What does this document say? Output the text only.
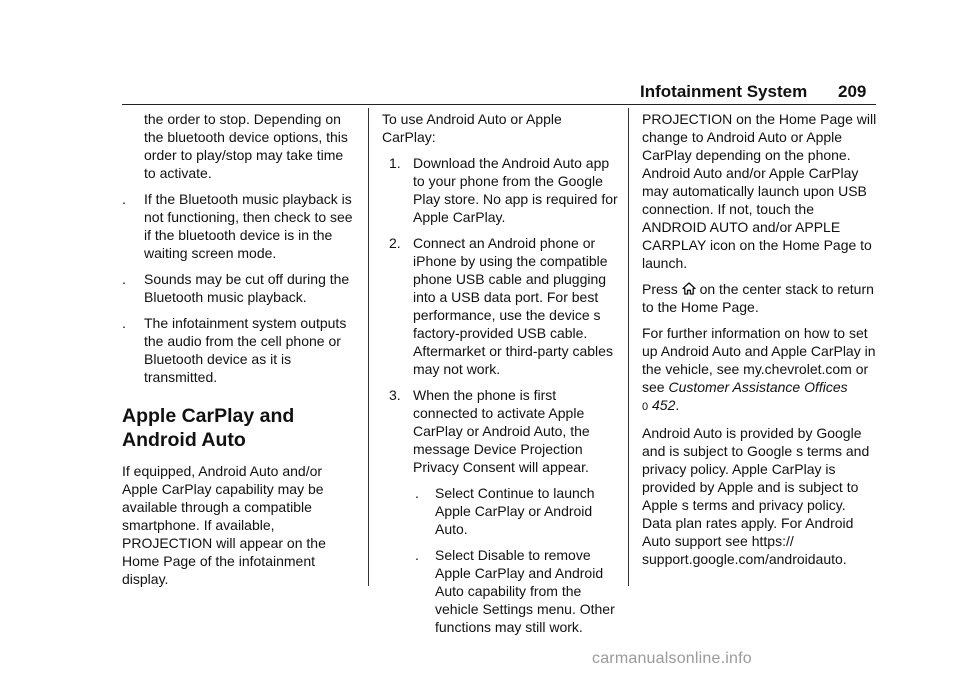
Infotainment System 209

the order to stop. Depending on the bluetooth device options, this order to play/stop may take time to activate.

. If the Bluetooth music playback is not functioning, then check to see if the bluetooth device is in the waiting screen mode.
. Sounds may be cut off during the Bluetooth music playback.
. The infotainment system outputs the audio from the cell phone or Bluetooth device as it is transmitted.
Apple CarPlay and
Android Auto

If equipped, Android Auto and/or Apple CarPlay capability may be available through a compatible smartphone. If available, PROJECTION will appear on the Home Page of the infotainment display.

To use Android Auto or Apple CarPlay:

1. Download the Android Auto app to your phone from the Google Play store. No app is required for Apple CarPlay.
2. Connect an Android phone or iPhone by using the compatible phone USB cable and plugging into a USB data port. For best performance, use the device s factory-provided USB cable. Aftermarket or third-party cables may not work.
3. When the phone is first connected to activate Apple CarPlay or Android Auto, the message Device Projection Privacy Consent will appear.
. Select Continue to launch Apple CarPlay or Android Auto.
. Select Disable to remove Apple CarPlay and Android Auto capability from the vehicle Settings menu. Other functions may still work.

PROJECTION on the Home Page will change to Android Auto or Apple CarPlay depending on the phone. Android Auto and/or Apple CarPlay may automatically launch upon USB connection. If not, touch the ANDROID AUTO and/or APPLE CARPLAY icon on the Home Page to launch.

Press on the center stack to return to the Home Page.

For further information on how to set up Android Auto and Apple CarPlay in the vehicle, see my.chevrolet.com or see Customer Assistance Offices
0 452.

Android Auto is provided by Google and is subject to Google s terms and privacy policy. Apple CarPlay is provided by Apple and is subject to Apple s terms and privacy policy. Data plan rates apply. For Android Auto support see https:// support.google.com/androidauto.

carmanualsonline.info
